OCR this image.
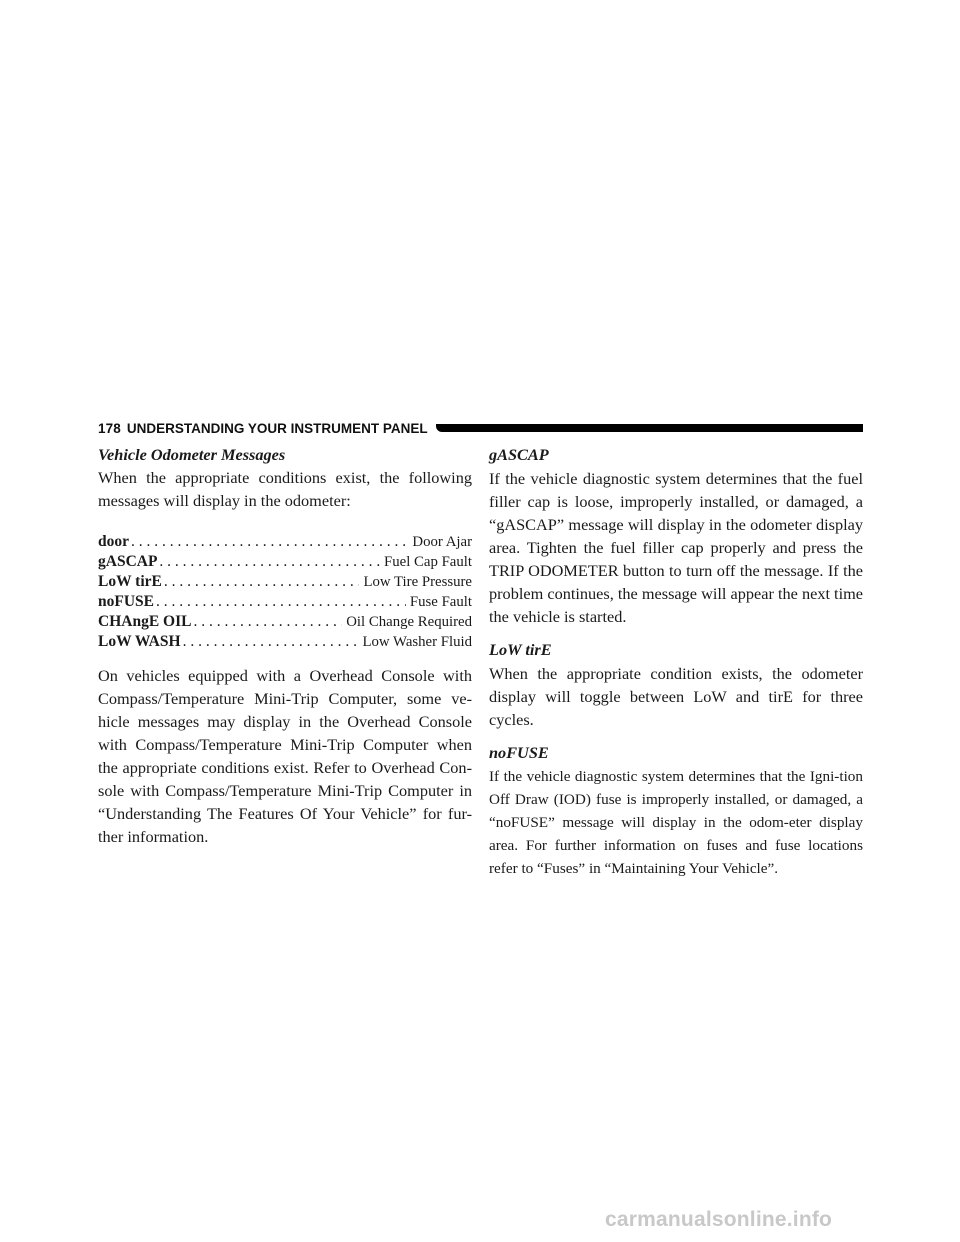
178 UNDERSTANDING YOUR INSTRUMENT PANEL

Vehicle Odometer Messages

When the appropriate conditions exist, the following messages will display in the odometer:

door . . .	Door Ajar
gASCAP . . .	Fuel Cap Fault
LoW tirE . . .	Low Tire Pressure
noFUSE . . .	Fuse Fault
CHAngE OIL . . .	Oil Change Required
LoW WASH . . .	Low Washer Fluid

On vehicles equipped with a Overhead Console with Compass/Temperature Mini-Trip Computer, some ve-hicle messages may display in the Overhead Console with Compass/Temperature Mini-Trip Computer when the appropriate conditions exist. Refer to Overhead Con-sole with Compass/Temperature Mini-Trip Computer in “Understanding The Features Of Your Vehicle” for fur-ther information.

gASCAP

If the vehicle diagnostic system determines that the fuel filler cap is loose, improperly installed, or damaged, a “gASCAP” message will display in the odometer display area. Tighten the fuel filler cap properly and press the TRIP ODOMETER button to turn off the message. If the problem continues, the message will appear the next time the vehicle is started.

LoW tirE

When the appropriate condition exists, the odometer display will toggle between LoW and tirE for three cycles.

noFUSE

If the vehicle diagnostic system determines that the Igni-tion Off Draw (IOD) fuse is improperly installed, or damaged, a “noFUSE” message will display in the odom-eter display area. For further information on fuses and fuse locations refer to “Fuses” in “Maintaining Your Vehicle”.

carmanualsonline.info
